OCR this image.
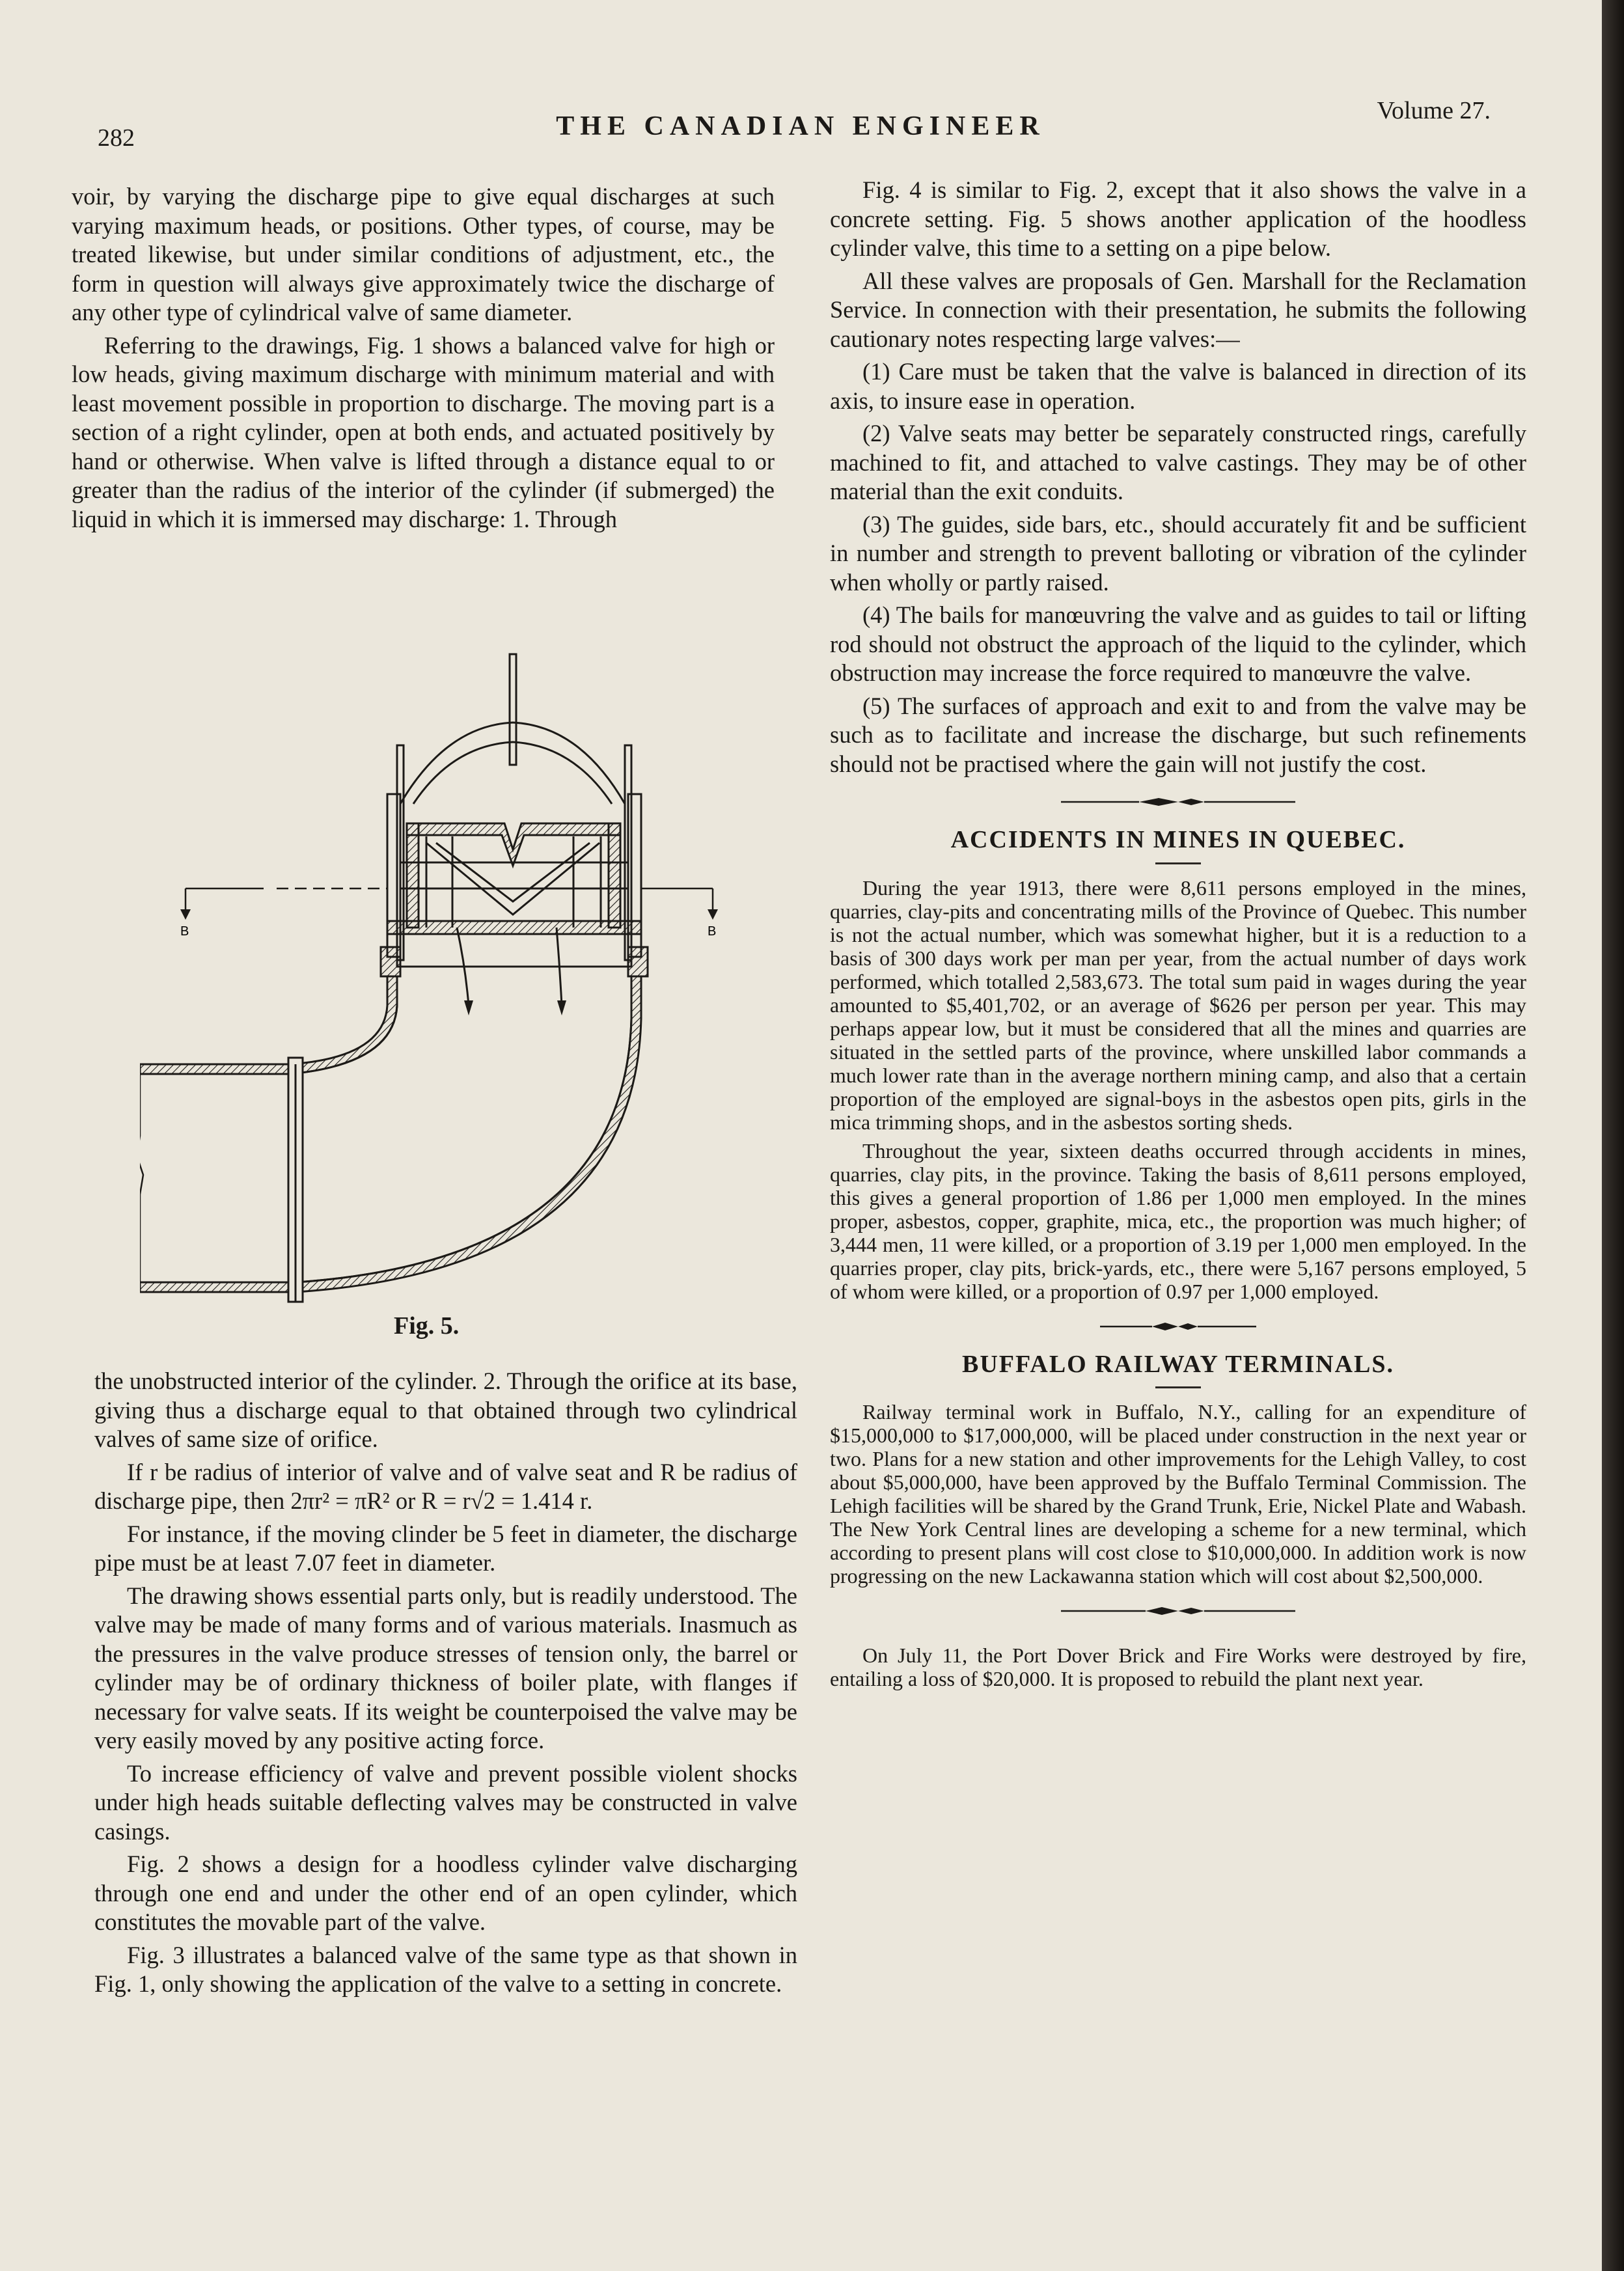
282	THE CANADIAN ENGINEER
Volume 27.

voir, by varying the discharge pipe to give equal discharges at such varying maximum heads, or positions. Other types, of course, may be treated likewise, but under similar conditions of adjustment, etc., the form in question will always give approximately twice the discharge of any other type of cylindrical valve of same diameter.

Referring to the drawings, Fig. 1 shows a balanced valve for high or low heads, giving maximum discharge with minimum material and with least movement possible in proportion to discharge. The moving part is a section of a right cylinder, open at both ends, and actuated positively by hand or otherwise. When valve is lifted through a distance equal to or greater than the radius of the interior of the cylinder (if submerged) the liquid in which it is immersed may discharge: 1. Through

B	B
Fig. 5.

the unobstructed interior of the cylinder. 2. Through the orifice at its base, giving thus a discharge equal to that obtained through two cylindrical valves of same size of orifice.

If r be radius of interior of valve and of valve seat and R be radius of discharge pipe, then 2πr² = πR² or R = r√2 = 1.414 r.

For instance, if the moving clinder be 5 feet in diameter, the discharge pipe must be at least 7.07 feet in diameter.

The drawing shows essential parts only, but is readily understood. The valve may be made of many forms and of various materials. Inasmuch as the pressures in the valve produce stresses of tension only, the barrel or cylinder may be of ordinary thickness of boiler plate, with flanges if necessary for valve seats. If its weight be counterpoised the valve may be very easily moved by any positive acting force.

To increase efficiency of valve and prevent possible violent shocks under high heads suitable deflecting valves may be constructed in valve casings.

Fig. 2 shows a design for a hoodless cylinder valve discharging through one end and under the other end of an open cylinder, which constitutes the movable part of the valve.

Fig. 3 illustrates a balanced valve of the same type as that shown in Fig. 1, only showing the application of the valve to a setting in concrete.

Fig. 4 is similar to Fig. 2, except that it also shows the valve in a concrete setting. Fig. 5 shows another application of the hoodless cylinder valve, this time to a setting on a pipe below.

All these valves are proposals of Gen. Marshall for the Reclamation Service. In connection with their presentation, he submits the following cautionary notes respecting large valves:—

(1) Care must be taken that the valve is balanced in direction of its axis, to insure ease in operation.

(2) Valve seats may better be separately constructed rings, carefully machined to fit, and attached to valve castings. They may be of other material than the exit conduits.

(3) The guides, side bars, etc., should accurately fit and be sufficient in number and strength to prevent balloting or vibration of the cylinder when wholly or partly raised.

(4) The bails for manœuvring the valve and as guides to tail or lifting rod should not obstruct the approach of the liquid to the cylinder, which obstruction may increase the force required to manœuvre the valve.

(5) The surfaces of approach and exit to and from the valve may be such as to facilitate and increase the discharge, but such refinements should not be practised where the gain will not justify the cost.

ACCIDENTS IN MINES IN QUEBEC.

During the year 1913, there were 8,611 persons employed in the mines, quarries, clay-pits and concentrating mills of the Province of Quebec. This number is not the actual number, which was somewhat higher, but it is a reduction to a basis of 300 days work per man per year, from the actual number of days work performed, which totalled 2,583,673. The total sum paid in wages during the year amounted to $5,401,702, or an average of $626 per person per year. This may perhaps appear low, but it must be considered that all the mines and quarries are situated in the settled parts of the province, where unskilled labor commands a much lower rate than in the average northern mining camp, and also that a certain proportion of the employed are signal-boys in the asbestos open pits, girls in the mica trimming shops, and in the asbestos sorting sheds.

Throughout the year, sixteen deaths occurred through accidents in mines, quarries, clay pits, in the province. Taking the basis of 8,611 persons employed, this gives a general proportion of 1.86 per 1,000 men employed. In the mines proper, asbestos, copper, graphite, mica, etc., the proportion was much higher; of 3,444 men, 11 were killed, or a proportion of 3.19 per 1,000 men employed. In the quarries proper, clay pits, brick-yards, etc., there were 5,167 persons employed, 5 of whom were killed, or a proportion of 0.97 per 1,000 employed.

BUFFALO RAILWAY TERMINALS.

Railway terminal work in Buffalo, N.Y., calling for an expenditure of $15,000,000 to $17,000,000, will be placed under construction in the next year or two. Plans for a new station and other improvements for the Lehigh Valley, to cost about $5,000,000, have been approved by the Buffalo Terminal Commission. The Lehigh facilities will be shared by the Grand Trunk, Erie, Nickel Plate and Wabash. The New York Central lines are developing a scheme for a new terminal, which according to present plans will cost close to $10,000,000. In addition work is now progressing on the new Lackawanna station which will cost about $2,500,000.

On July 11, the Port Dover Brick and Fire Works were destroyed by fire, entailing a loss of $20,000. It is proposed to rebuild the plant next year.
